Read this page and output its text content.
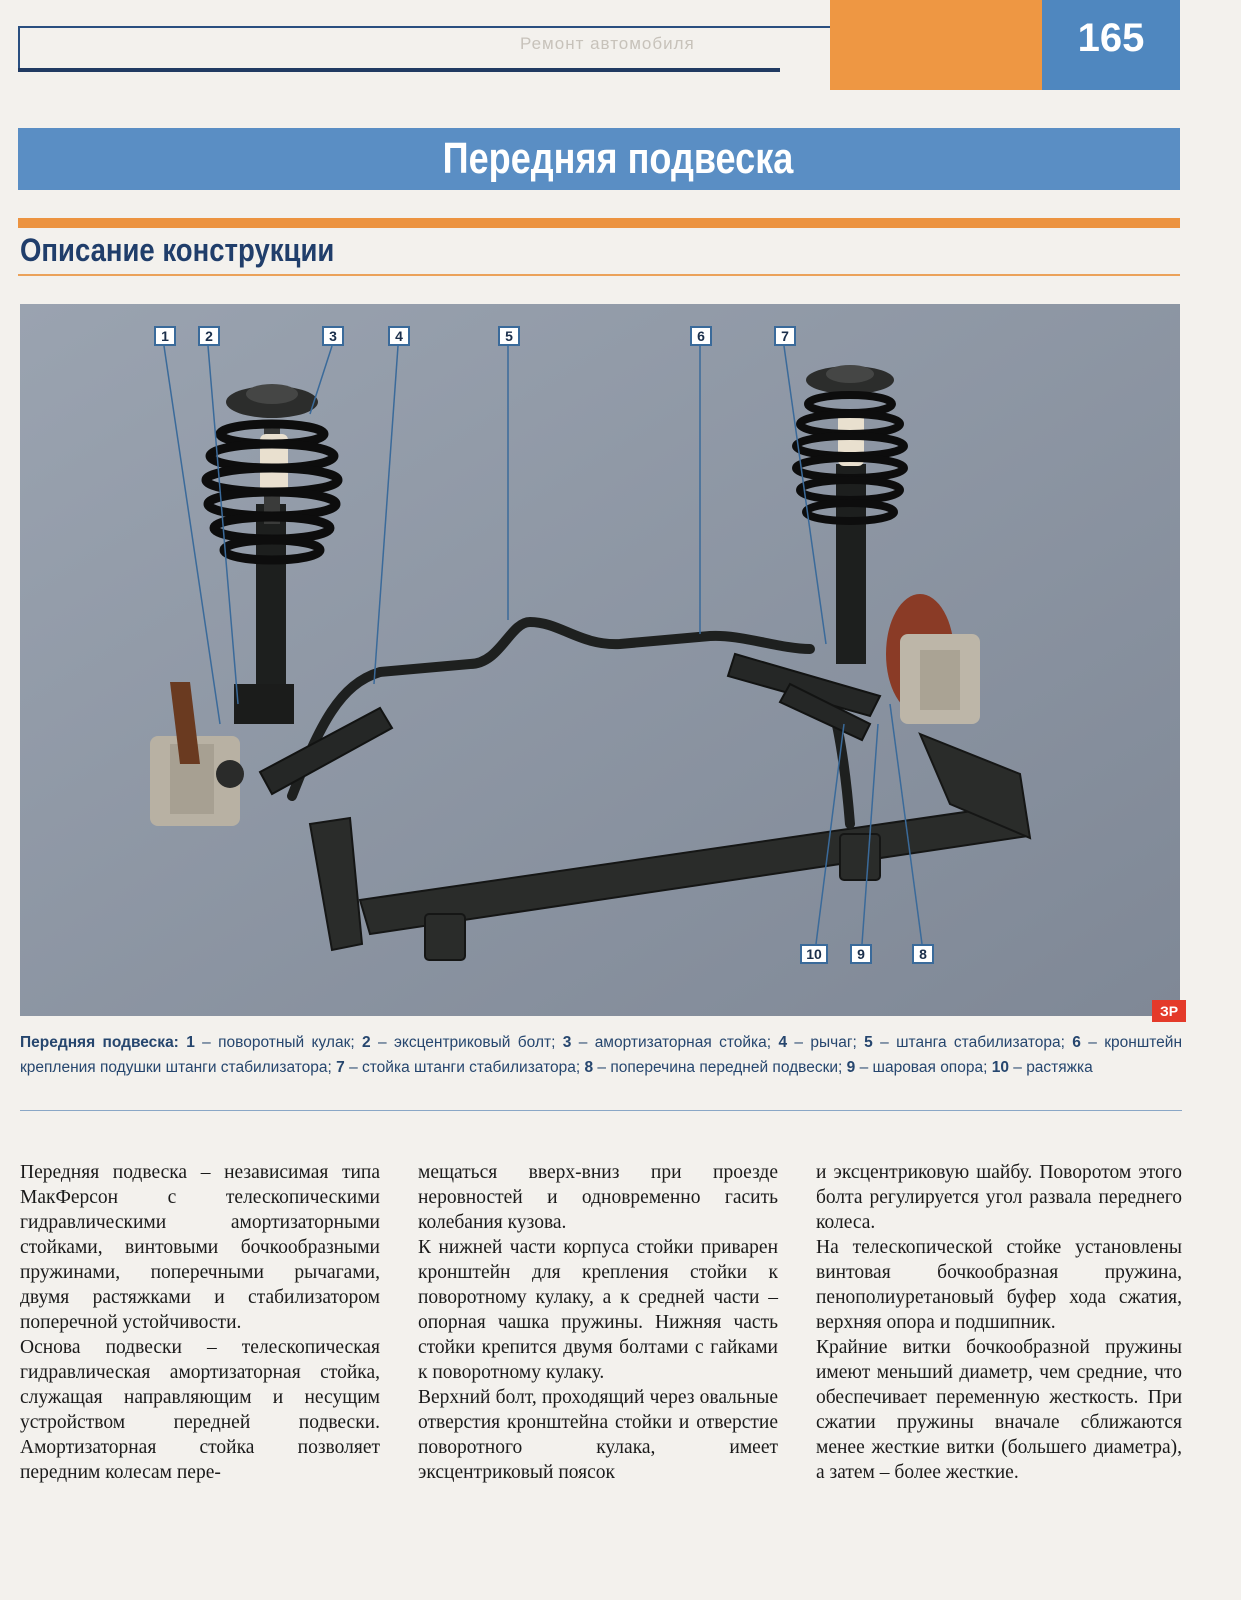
Ремонт автомобиля	165
Передняя подвеска
Описание конструкции
1	2	3	4	5	6	7
10	9	8
ЗР
Передняя подвеска: 1 – поворотный кулак; 2 – эксцентриковый болт; 3 – амортизаторная стойка; 4 – рычаг; 5 – штанга стабилизатора; 6 – кронштейн крепления подушки штанги стабилизатора; 7 – стойка штанги стабилизатора; 8 – поперечина передней подвески; 9 – шаровая опора; 10 – растяжка

Передняя подвеска – независимая типа МакФерсон с телескопическими гидравлическими амортизаторными стойками, винтовыми бочкообразными пружинами, поперечными рычагами, двумя растяжками и стабилизатором поперечной устойчивости.

Основа подвески – телескопическая гидравлическая амортизаторная стойка, служащая направляющим и несущим устройством передней подвески. Амортизаторная стойка позволяет передним колесам пере-

мещаться вверх-вниз при проезде неровностей и одновременно гасить колебания кузова.

К нижней части корпуса стойки приварен кронштейн для крепления стойки к поворотному кулаку, а к средней части – опорная чашка пружины. Нижняя часть стойки крепится двумя болтами с гайками к поворотному кулаку.

Верхний болт, проходящий через овальные отверстия кронштейна стойки и отверстие поворотного кулака, имеет эксцентриковый поясок

и эксцентриковую шайбу. Поворотом этого болта регулируется угол развала переднего колеса.

На телескопической стойке установлены винтовая бочкообразная пружина, пенополиуретановый буфер хода сжатия, верхняя опора и подшипник.

Крайние витки бочкообразной пружины имеют меньший диаметр, чем средние, что обеспечивает переменную жесткость. При сжатии пружины вначале сближаются менее жесткие витки (большего диаметра), а затем – более жесткие.
